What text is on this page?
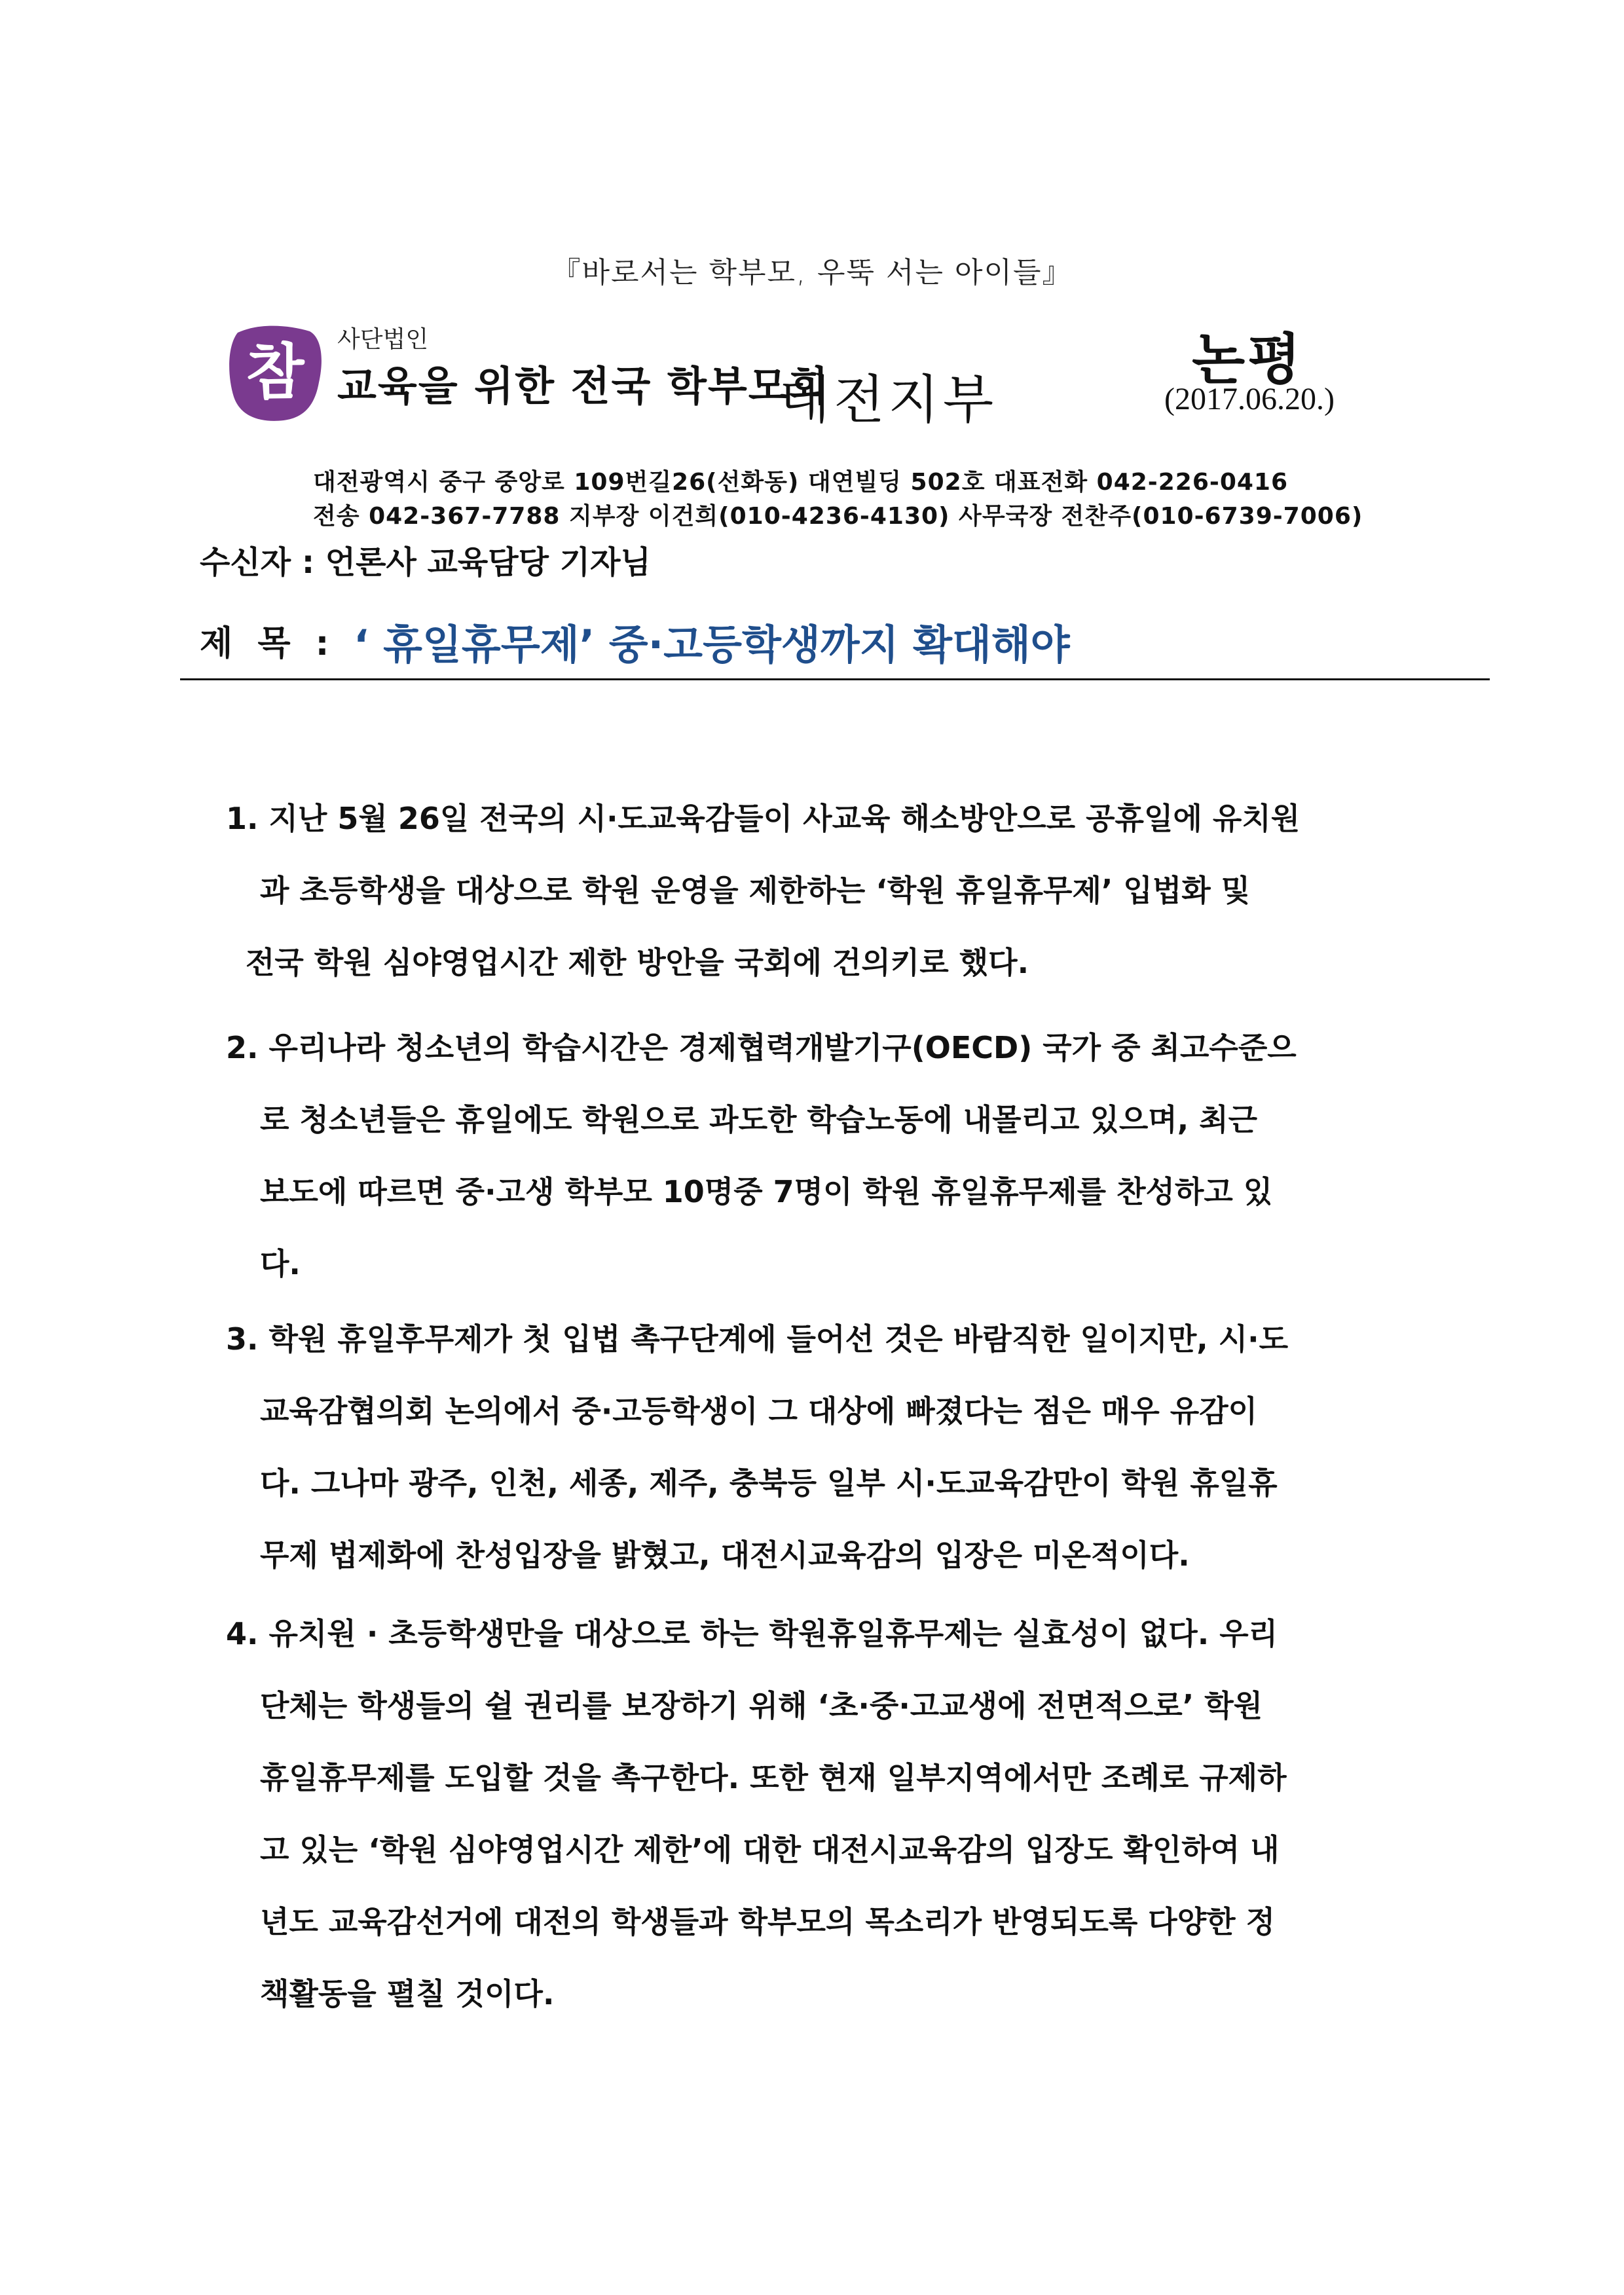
『바로서는 학부모, 우뚝 서는 아이들』
참 사단법인
교육을 위한 전국 학부모회
대전지부
논평
(2017.06.20.)
대전광역시 중구 중앙로 109번길26(선화동) 대연빌딩 502호 대표전화 042-226-0416
전송 042-367-7788 지부장 이건희(010-4236-4130) 사무국장 전찬주(010-6739-7006)
수신자 : 언론사 교육담당 기자님
제 목 : ‘ 휴일휴무제’ 중·고등학생까지 확대해야
1. 지난 5월 26일 전국의 시·도교육감들이 사교육 해소방안으로 공휴일에 유치원
과 초등학생을 대상으로 학원 운영을 제한하는 ‘학원 휴일휴무제’ 입법화 및
전국 학원 심야영업시간 제한 방안을 국회에 건의키로 했다.
2. 우리나라 청소년의 학습시간은 경제협력개발기구(OECD) 국가 중 최고수준으
로 청소년들은 휴일에도 학원으로 과도한 학습노동에 내몰리고 있으며, 최근
보도에 따르면 중·고생 학부모 10명중 7명이 학원 휴일휴무제를 찬성하고 있
다.
3. 학원 휴일후무제가 첫 입법 촉구단계에 들어선 것은 바람직한 일이지만, 시·도
교육감협의회 논의에서 중·고등학생이 그 대상에 빠졌다는 점은 매우 유감이
다. 그나마 광주, 인천, 세종, 제주, 충북등 일부 시·도교육감만이 학원 휴일휴
무제 법제화에 찬성입장을 밝혔고, 대전시교육감의 입장은 미온적이다.
4. 유치원 · 초등학생만을 대상으로 하는 학원휴일휴무제는 실효성이 없다. 우리
단체는 학생들의 쉴 권리를 보장하기 위해 ‘초·중·고교생에 전면적으로’ 학원
휴일휴무제를 도입할 것을 촉구한다. 또한 현재 일부지역에서만 조례로 규제하
고 있는 ‘학원 심야영업시간 제한’에 대한 대전시교육감의 입장도 확인하여 내
년도 교육감선거에 대전의 학생들과 학부모의 목소리가 반영되도록 다양한 정
책활동을 펼칠 것이다.
